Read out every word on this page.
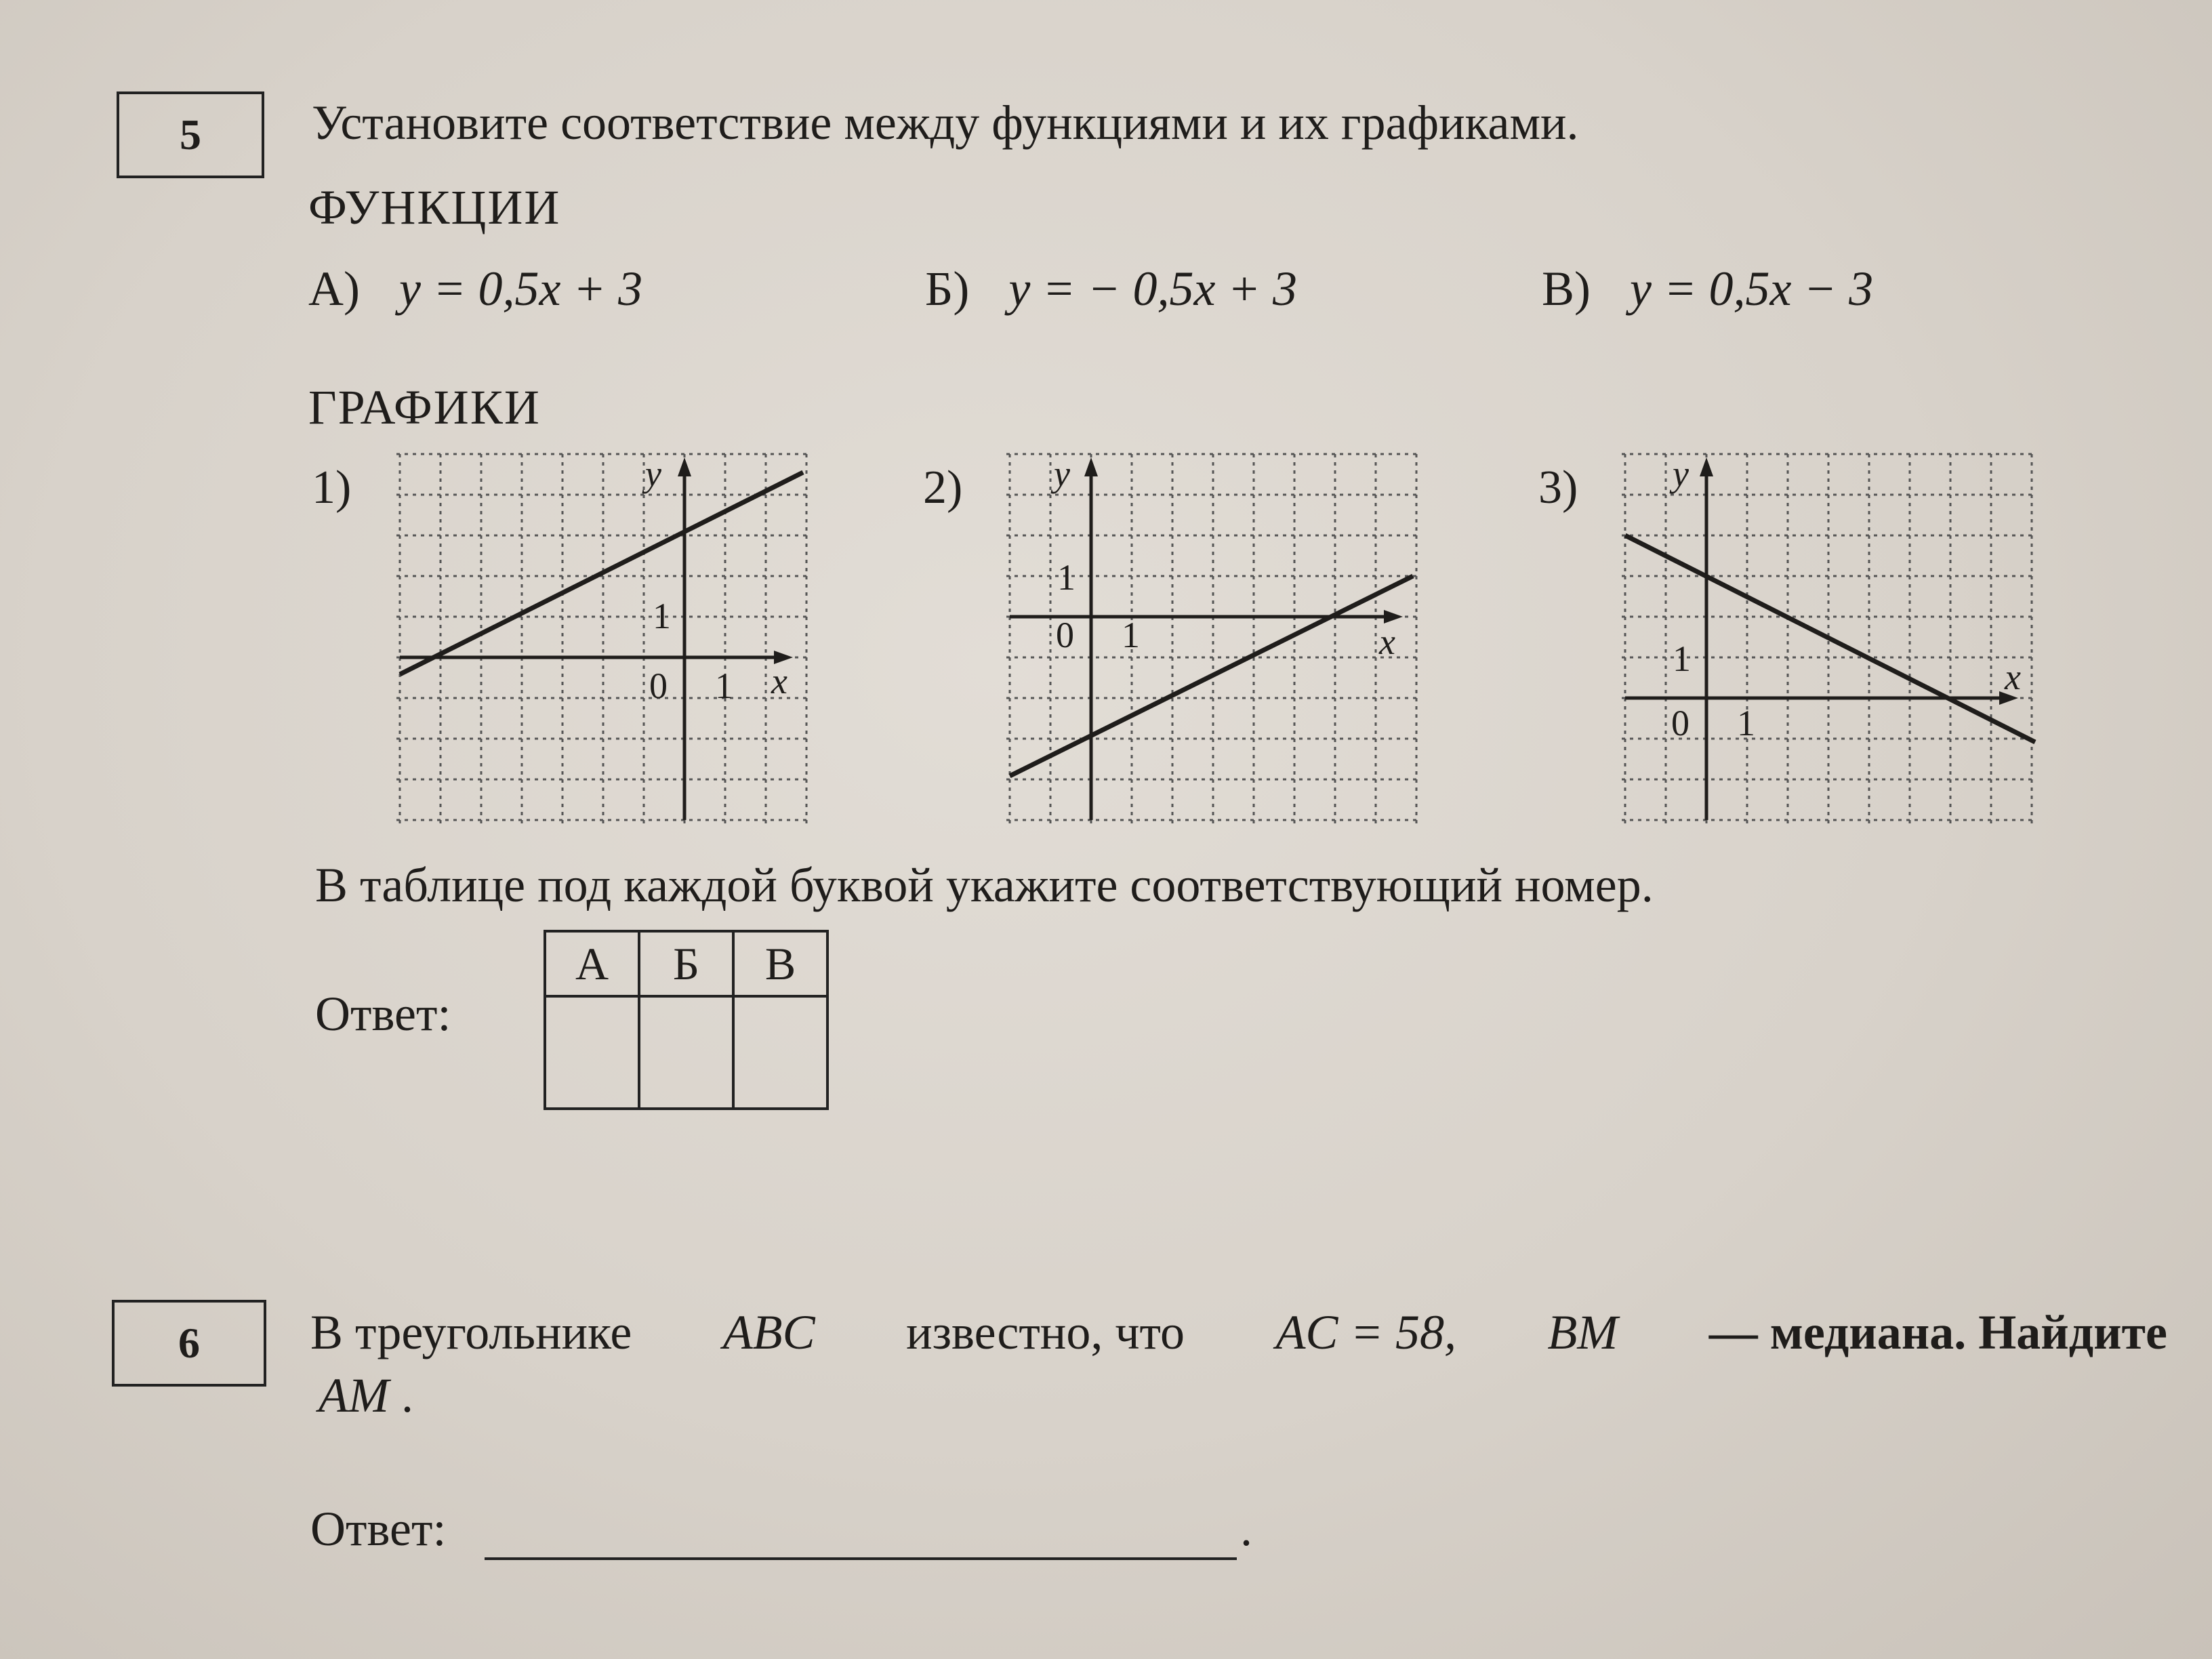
5 Установите соответствие между функциями и их графиками.
ФУНКЦИИ
А) y = 0,5x + 3	Б) y = − 0,5x + 3	В) y = 0,5x − 3
ГРАФИКИ
1)
0 1
1
x
y	2)
0 1
1
x
y	3)
0 1
1	x
y
В таблице под каждой буквой укажите соответствующий номер.
Ответ:
А	Б	В

6 В треугольнике ABC известно, что AC = 58, BM — медиана. Найдите
AM .
Ответ:	.
